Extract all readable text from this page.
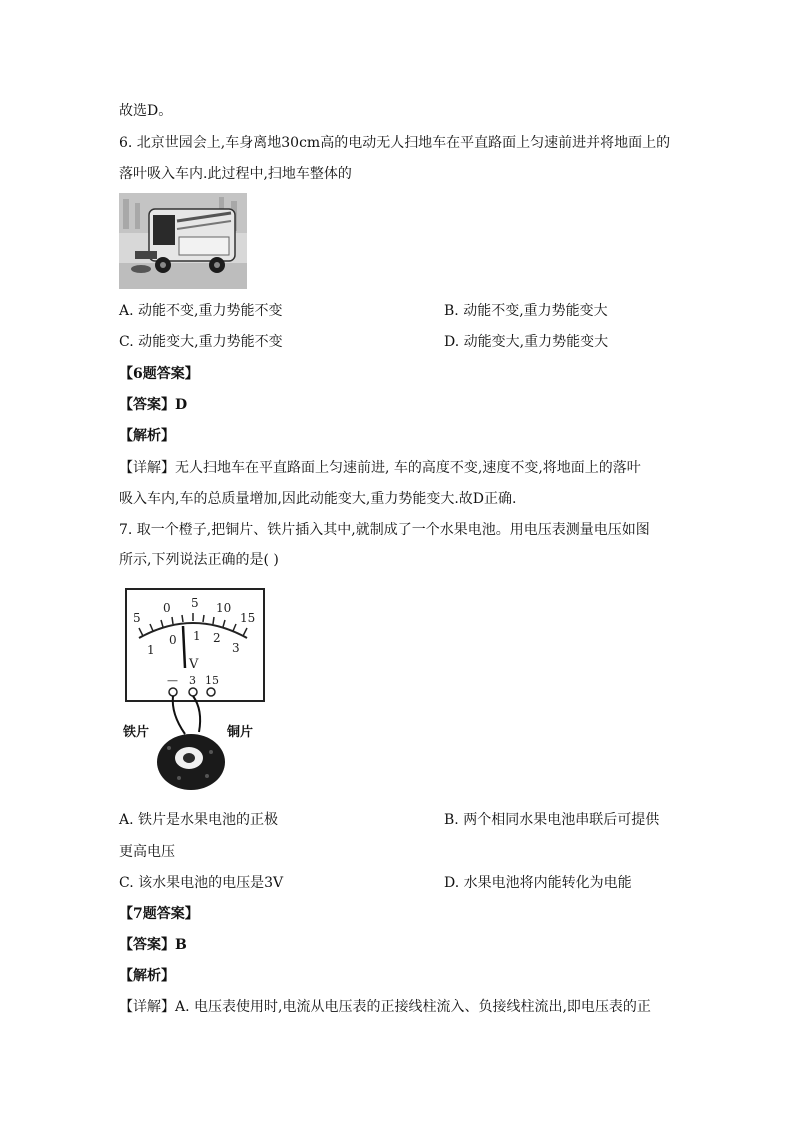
故选D。
6. 北京世园会上,车身离地30cm高的电动无人扫地车在平直路面上匀速前进并将地面上的
落叶吸入车内.此过程中,扫地车整体的
A. 动能不变,重力势能不变	B. 动能不变,重力势能变大
C. 动能变大,重力势能不变	D. 动能变大,重力势能变大
【6题答案】
【答案】D
【解析】
【详解】无人扫地车在平直路面上匀速前进, 车的高度不变,速度不变,将地面上的落叶
吸入车内,车的总质量增加,因此动能变大,重力势能变大.故D正确.
7. 取一个橙子,把铜片、铁片插入其中,就制成了一个水果电池。用电压表测量电压如图
所示,下列说法正确的是( )
5
0 5 10
15
1
0 1 2
3
V
— 3 15
铁片	铜片
A. 铁片是水果电池的正极	B. 两个相同水果电池串联后可提供
更高电压
C. 该水果电池的电压是3V	D. 水果电池将内能转化为电能
【7题答案】
【答案】B
【解析】
【详解】A. 电压表使用时,电流从电压表的正接线柱流入、负接线柱流出,即电压表的正
